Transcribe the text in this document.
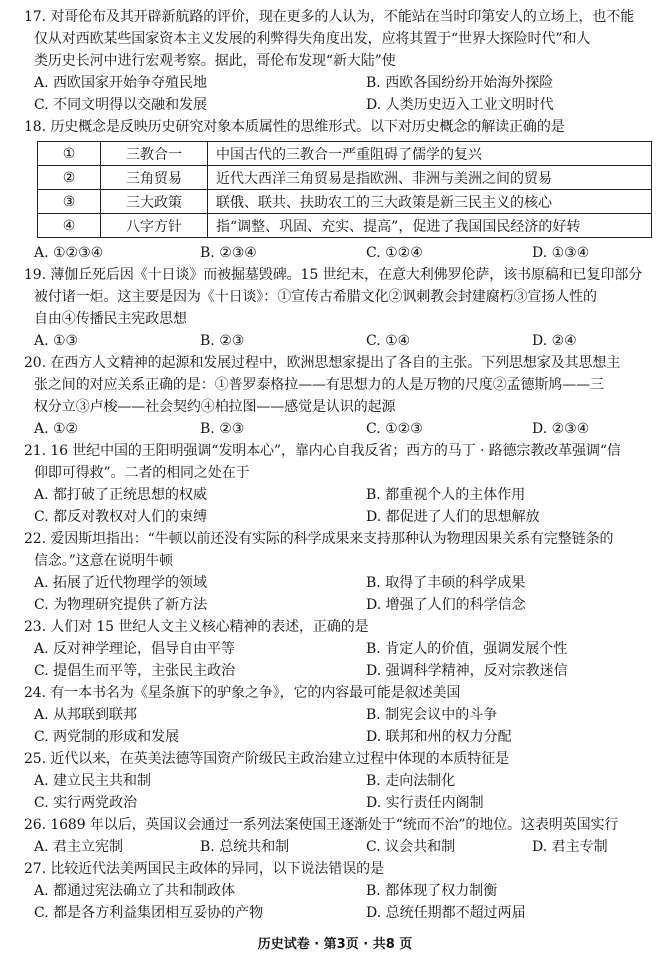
17. 对哥伦布及其开辟新航路的评价，现在更多的人认为，不能站在当时印第安人的立场上，也不能
仅从对西欧某些国家资本主义发展的利弊得失角度出发，应将其置于“世界大探险时代”和人
类历史长河中进行宏观考察。据此，哥伦布发现“新大陆”使
A. 西欧国家开始争夺殖民地	B. 西欧各国纷纷开始海外探险
C. 不同文明得以交融和发展	D. 人类历史迈入工业文明时代
18. 历史概念是反映历史研究对象本质属性的思维形式。以下对历史概念的解读正确的是
①	三教合一	中国古代的三教合一严重阻碍了儒学的复兴
②	三角贸易	近代大西洋三角贸易是指欧洲、非洲与美洲之间的贸易
③	三大政策	联俄、联共、扶助农工的三大政策是新三民主义的核心
④	八字方针	指“调整、巩固、充实、提高”，促进了我国国民经济的好转
A. ①②③④	B. ②③④	C. ①②④	D. ①③④
19. 薄伽丘死后因《十日谈》而被掘墓毁碑。15 世纪末，在意大利佛罗伦萨，该书原稿和已复印部分
被付诸一炬。这主要是因为《十日谈》：①宣传古希腊文化②讽刺教会封建腐朽③宣扬人性的
自由④传播民主宪政思想
A. ①③	B. ②③	C. ①④	D. ②④
20. 在西方人文精神的起源和发展过程中，欧洲思想家提出了各自的主张。下列思想家及其思想主
张之间的对应关系正确的是：①普罗泰格拉——有思想力的人是万物的尺度②孟德斯鸠——三
权分立③卢梭——社会契约④柏拉图——感觉是认识的起源
A. ①②	B. ②③	C. ①②③	D. ②③④
21. 16 世纪中国的王阳明强调“发明本心”，靠内心自我反省；西方的马丁 · 路德宗教改革强调“信
仰即可得救”。二者的相同之处在于
A. 都打破了正统思想的权威	B. 都重视个人的主体作用
C. 都反对教权对人们的束缚	D. 都促进了人们的思想解放
22. 爱因斯坦指出：“牛顿以前还没有实际的科学成果来支持那种认为物理因果关系有完整链条的
信念。”这意在说明牛顿
A. 拓展了近代物理学的领域	B. 取得了丰硕的科学成果
C. 为物理研究提供了新方法	D. 增强了人们的科学信念
23. 人们对 15 世纪人文主义核心精神的表述，正确的是
A. 反对神学理论，倡导自由平等	B. 肯定人的价值，强调发展个性
C. 提倡生而平等，主张民主政治	D. 强调科学精神，反对宗教迷信
24. 有一本书名为《星条旗下的驴象之争》，它的内容最可能是叙述美国
A. 从邦联到联邦	B. 制宪会议中的斗争
C. 两党制的形成和发展	D. 联邦和州的权力分配
25. 近代以来，在英美法德等国资产阶级民主政治建立过程中体现的本质特征是
A. 建立民主共和制	B. 走向法制化
C. 实行两党政治	D. 实行责任内阁制
26. 1689 年以后，英国议会通过一系列法案使国王逐渐处于“统而不治”的地位。这表明英国实行
A. 君主立宪制	B. 总统共和制	C. 议会共和制	D. 君主专制
27. 比较近代法美两国民主政体的异同，以下说法错误的是
A. 都通过宪法确立了共和制政体	B. 都体现了权力制衡
C. 都是各方利益集团相互妥协的产物	D. 总统任期都不超过两届
历史试卷 · 第3页 · 共8 页
